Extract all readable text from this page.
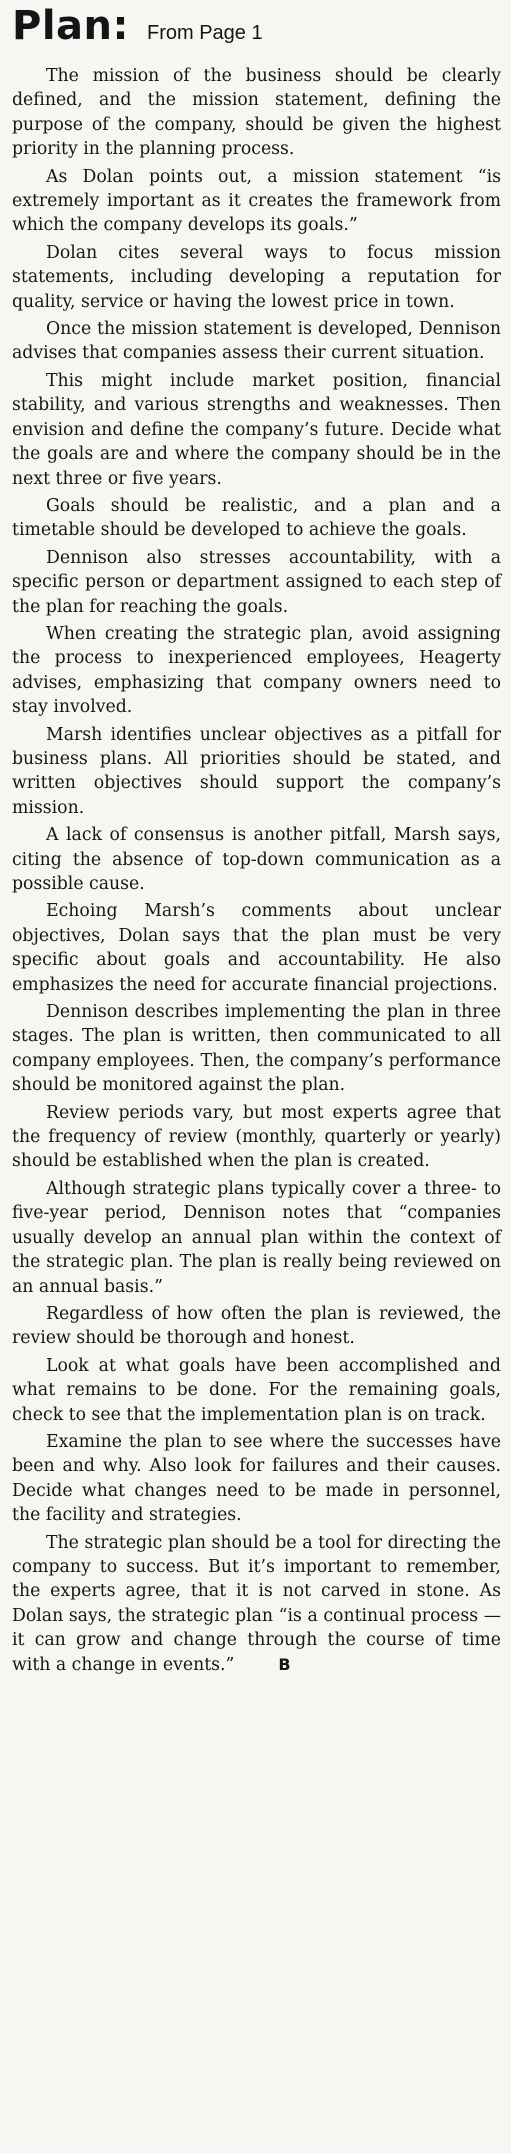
Plan: From Page 1

The mission of the business should be clearly defined, and the mission statement, defining the purpose of the company, should be given the highest priority in the planning process.

As Dolan points out, a mission statement “is extremely important as it creates the framework from which the company develops its goals.”

Dolan cites several ways to focus mission statements, including developing a reputation for quality, service or having the lowest price in town.

Once the mission statement is developed, Dennison advises that companies assess their current situation.

This might include market position, financial stability, and various strengths and weaknesses. Then envision and define the company’s future. Decide what the goals are and where the company should be in the next three or five years.

Goals should be realistic, and a plan and a timetable should be developed to achieve the goals.

Dennison also stresses accountability, with a specific person or department assigned to each step of the plan for reaching the goals.

When creating the strategic plan, avoid assigning the process to inexperienced employees, Heagerty advises, emphasizing that company owners need to stay involved.

Marsh identifies unclear objectives as a pitfall for business plans. All priorities should be stated, and written objectives should support the company’s mission.

A lack of consensus is another pitfall, Marsh says, citing the absence of top-down communication as a possible cause.

Echoing Marsh’s comments about unclear objectives, Dolan says that the plan must be very specific about goals and accountability. He also emphasizes the need for accurate financial projections.

Dennison describes implementing the plan in three stages. The plan is written, then communicated to all company employees. Then, the company’s performance should be monitored against the plan.

Review periods vary, but most experts agree that the frequency of review (monthly, quarterly or yearly) should be established when the plan is created.

Although strategic plans typically cover a three- to five-year period, Dennison notes that “companies usually develop an annual plan within the context of the strategic plan. The plan is really being reviewed on an annual basis.”

Regardless of how often the plan is reviewed, the review should be thorough and honest.

Look at what goals have been accomplished and what remains to be done. For the remaining goals, check to see that the implementation plan is on track.

Examine the plan to see where the successes have been and why. Also look for failures and their causes. Decide what changes need to be made in personnel, the facility and strategies.

The strategic plan should be a tool for directing the company to success. But it’s important to remember, the experts agree, that it is not carved in stone. As Dolan says, the strategic plan “is a continual process — it can grow and change through the course of time with a change in events.”	B
